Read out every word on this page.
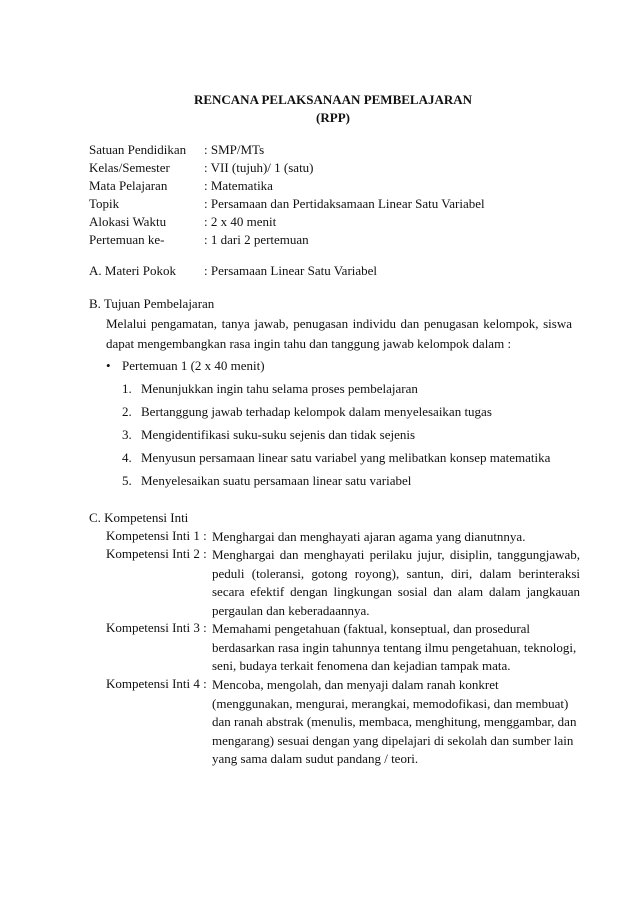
RENCANA PELAKSANAAN PEMBELAJARAN
(RPP)
Satuan Pendidikan : SMP/MTs
Kelas/Semester	: VII (tujuh)/ 1 (satu)
Mata Pelajaran	: Matematika
Topik	: Persamaan dan Pertidaksamaan Linear Satu Variabel
Alokasi Waktu	: 2 x 40 menit
Pertemuan ke-	: 1 dari 2 pertemuan
A. Materi Pokok : Persamaan Linear Satu Variabel
B. Tujuan Pembelajaran
Melalui pengamatan, tanya jawab, penugasan individu dan penugasan kelompok, siswa dapat mengembangkan rasa ingin tahu dan tanggung jawab kelompok dalam :
• Pertemuan 1 (2 x 40 menit)
1. Menunjukkan ingin tahu selama proses pembelajaran
2. Bertanggung jawab terhadap kelompok dalam menyelesaikan tugas
3. Mengidentifikasi suku-suku sejenis dan tidak sejenis
4. Menyusun persamaan linear satu variabel yang melibatkan konsep matematika
5. Menyelesaikan suatu persamaan linear satu variabel
C. Kompetensi Inti
Kompetensi Inti 1 : Menghargai dan menghayati ajaran agama yang dianutnnya.
Kompetensi Inti 2 : Menghargai dan menghayati perilaku jujur, disiplin, tanggungjawab, peduli (toleransi, gotong royong), santun, diri, dalam berinteraksi secara efektif dengan lingkungan sosial dan alam dalam jangkauan pergaulan dan keberadaannya.
Kompetensi Inti 3 : Memahami pengetahuan (faktual, konseptual, dan prosedural berdasarkan rasa ingin tahunnya tentang ilmu pengetahuan, teknologi, seni, budaya terkait fenomena dan kejadian tampak mata.
Kompetensi Inti 4 : Mencoba, mengolah, dan menyaji dalam ranah konkret (menggunakan, mengurai, merangkai, memodofikasi, dan membuat) dan ranah abstrak (menulis, membaca, menghitung, menggambar, dan mengarang) sesuai dengan yang dipelajari di sekolah dan sumber lain yang sama dalam sudut pandang / teori.
